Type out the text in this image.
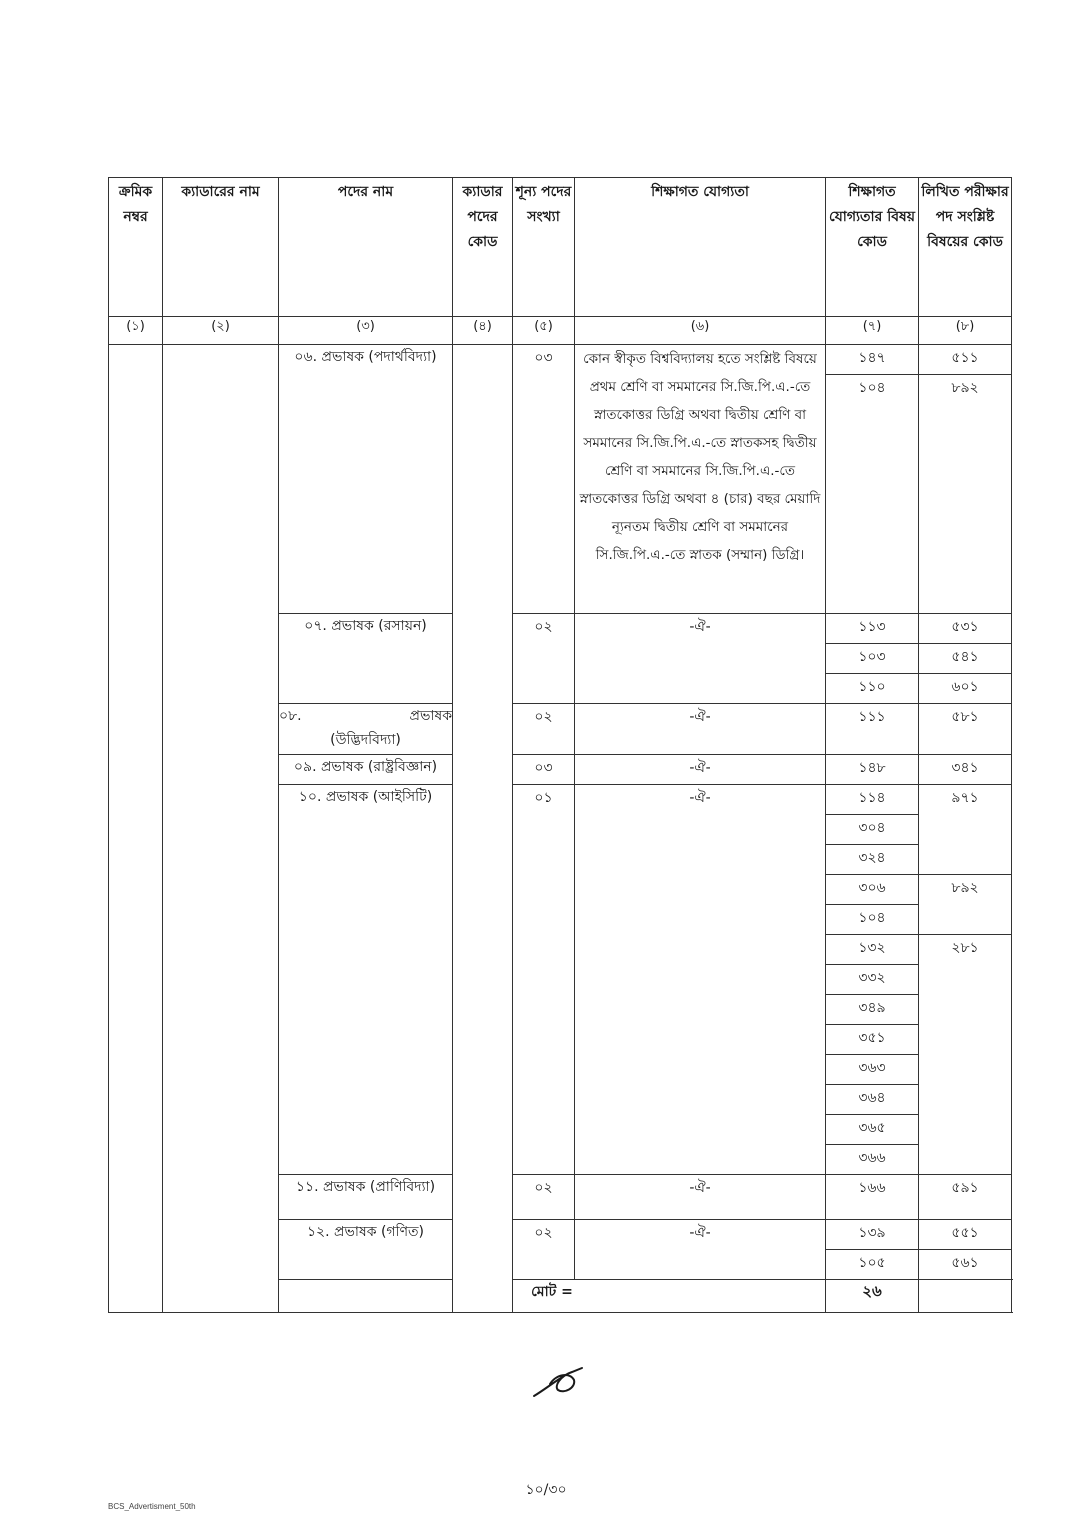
ক্রমিক নম্বর	ক্যাডারের নাম	পদের নাম	ক্যাডার পদের কোড	শূন্য পদের সংখ্যা	শিক্ষাগত যোগ্যতা	শিক্ষাগত যোগ্যতার বিষয় কোড	লিখিত পরীক্ষার পদ সংশ্লিষ্ট বিষয়ের কোড
(১)	(২)	(৩)	(৪)	(৫)	(৬)	(৭)	(৮)
		০৬. প্রভাষক (পদার্থবিদ্যা)		০৩	কোন স্বীকৃত বিশ্ববিদ্যালয় হতে সংশ্লিষ্ট বিষয়ে প্রথম শ্রেণি বা সমমানের সি.জি.পি.এ.-তে স্নাতকোত্তর ডিগ্রি অথবা দ্বিতীয় শ্রেণি বা সমমানের সি.জি.পি.এ.-তে স্নাতকসহ দ্বিতীয় শ্রেণি বা সমমানের সি.জি.পি.এ.-তে স্নাতকোত্তর ডিগ্রি অথবা ৪ (চার) বছর মেয়াদি ন্যূনতম দ্বিতীয় শ্রেণি বা সমমানের সি.জি.পি.এ.-তে স্নাতক (সম্মান) ডিগ্রি।	১৪৭	৫১১
						১০৪	৮৯২
		০৭. প্রভাষক (রসায়ন)		০২	-ঐ-	১১৩	৫৩১
						১০৩	৫৪১
						১১০	৬০১

		০৮. প্রভাষক
(উদ্ভিদবিদ্যা)		০২	-ঐ-	১১১	৫৮১
		০৯. প্রভাষক (রাষ্ট্রবিজ্ঞান)		০৩	-ঐ-	১৪৮	৩৪১
		১০. প্রভাষক (আইসিটি)		০১	-ঐ-	১১৪	৯৭১
						৩০৪	
						৩২৪	
						৩০৬	৮৯২
						১০৪	
						১৩২	২৮১
						৩৩২	
						৩৪৯	
						৩৫১	
						৩৬৩	
						৩৬৪	
						৩৬৫	
						৩৬৬	
		১১. প্রভাষক (প্রাণিবিদ্যা)		০২	-ঐ-	১৬৬	৫৯১
		১২. প্রভাষক (গণিত)		০২	-ঐ-	১৩৯	৫৫১
						১০৫	৫৬১
		মোট =				২৬	
১০/৩০
BCS_Advertisment_50th
